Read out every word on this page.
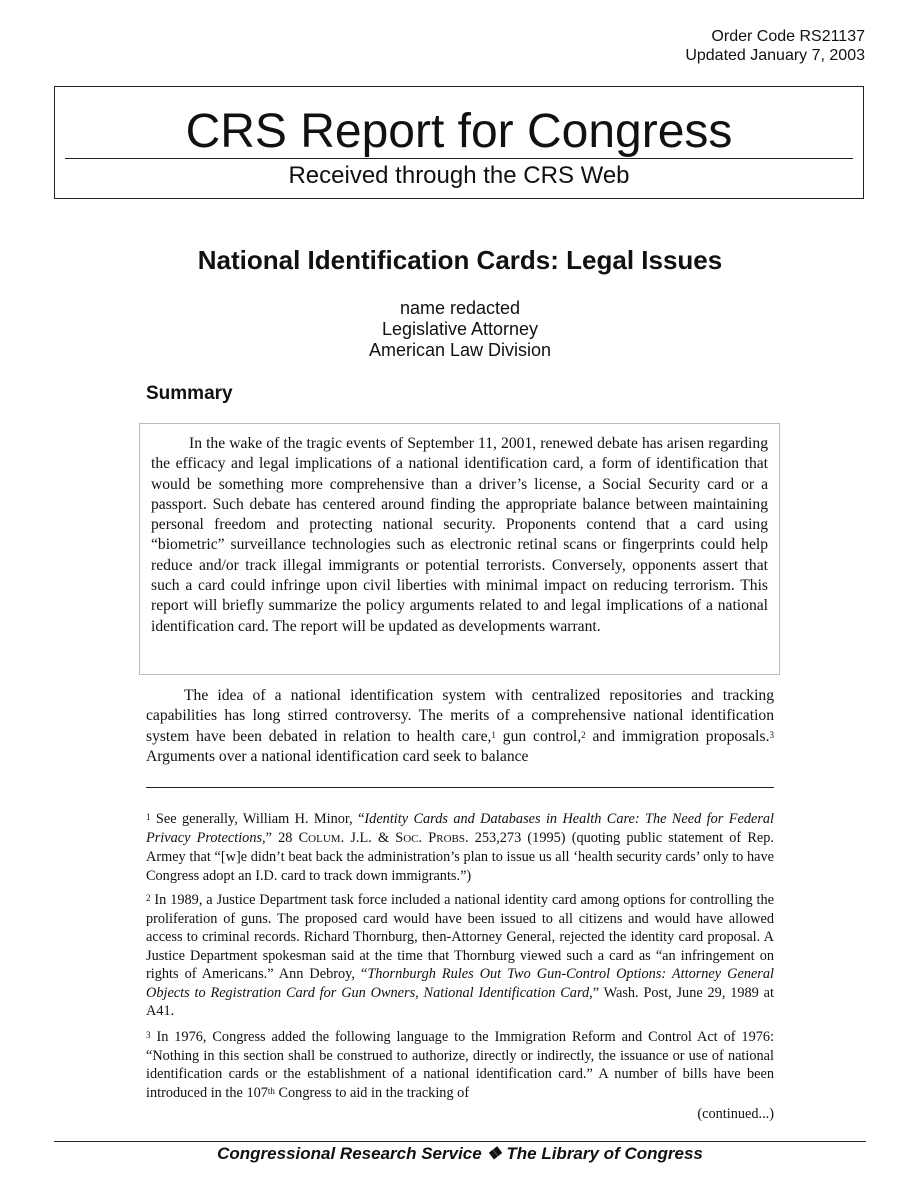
Order Code RS21137
Updated January 7, 2003
CRS Report for Congress
Received through the CRS Web
National Identification Cards: Legal Issues
name redacted
Legislative Attorney
American Law Division
Summary

In the wake of the tragic events of September 11, 2001, renewed debate has arisen regarding the efficacy and legal implications of a national identification card, a form of identification that would be something more comprehensive than a driver’s license, a Social Security card or a passport. Such debate has centered around finding the appropriate balance between maintaining personal freedom and protecting national security. Proponents contend that a card using “biometric” surveillance technologies such as electronic retinal scans or fingerprints could help reduce and/or track illegal immigrants or potential terrorists. Conversely, opponents assert that such a card could infringe upon civil liberties with minimal impact on reducing terrorism. This report will briefly summarize the policy arguments related to and legal implications of a national identification card. The report will be updated as developments warrant.

The idea of a national identification system with centralized repositories and tracking capabilities has long stirred controversy. The merits of a comprehensive national identification system have been debated in relation to health care,$^1$ gun control,$^2$ and immigration proposals.$^3$ Arguments over a national identification card seek to balance

$^1$ See generally, William H. Minor, “Identity Cards and Databases in Health Care: The Need for Federal Privacy Protections,” 28 COLUM. J.L. & SOC. PROBS. 253,273 (1995) (quoting public statement of Rep. Armey that “[w]e didn’t beat back the administration’s plan to issue us all ‘health security cards’ only to have Congress adopt an I.D. card to track down immigrants.”)

$^2$ In 1989, a Justice Department task force included a national identity card among options for controlling the proliferation of guns. The proposed card would have been issued to all citizens and would have allowed access to criminal records. Richard Thornburg, then-Attorney General, rejected the identity card proposal. A Justice Department spokesman said at the time that Thornburg viewed such a card as “an infringement on rights of Americans.” Ann Debroy, “Thornburgh Rules Out Two Gun-Control Options: Attorney General Objects to Registration Card for Gun Owners, National Identification Card,” Wash. Post, June 29, 1989 at A41.

$^3$ In 1976, Congress added the following language to the Immigration Reform and Control Act of 1976: “Nothing in this section shall be construed to authorize, directly or indirectly, the issuance or use of national identification cards or the establishment of a national identification card.” A number of bills have been introduced in the 107th Congress to aid in the tracking of

(continued...)
Congressional Research Service ❖ The Library of Congress
